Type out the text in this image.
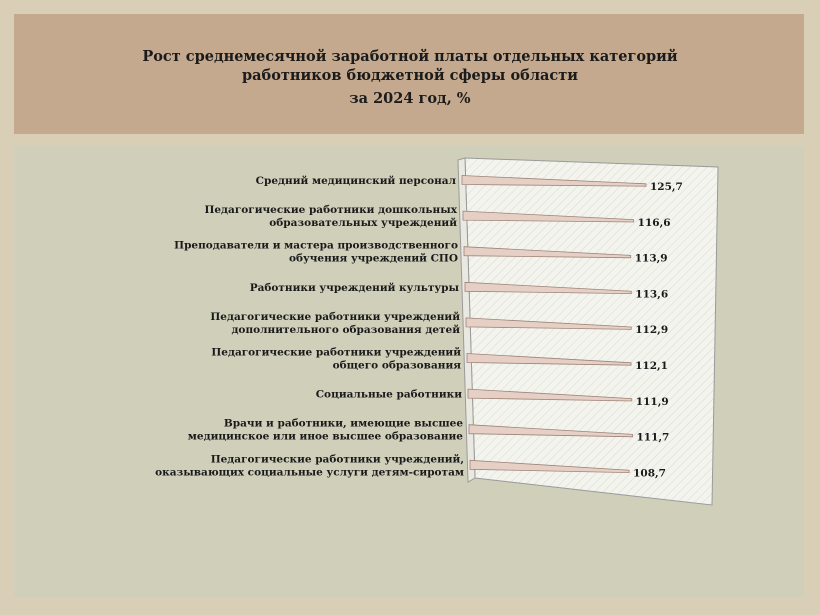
Рост среднемесячной заработной платы отдельных категорий
работников бюджетной сферы области
за 2024 год, %
125,7
Средний медицинский персонал
116,6
Педагогические работники дошкольных
образовательных учреждений
113,9
Преподаватели и мастера производственного
обучения учреждений СПО
113,6
Работники учреждений культуры
112,9
Педагогические работники учреждений
дополнительного образования детей
112,1
Педагогические работники учреждений
общего образования
111,9
Социальные работники
111,7
Врачи и работники, имеющие высшее
медицинское или иное высшее образование
108,7
Педагогические работники учреждений,
оказывающих социальные услуги детям-сиротам
